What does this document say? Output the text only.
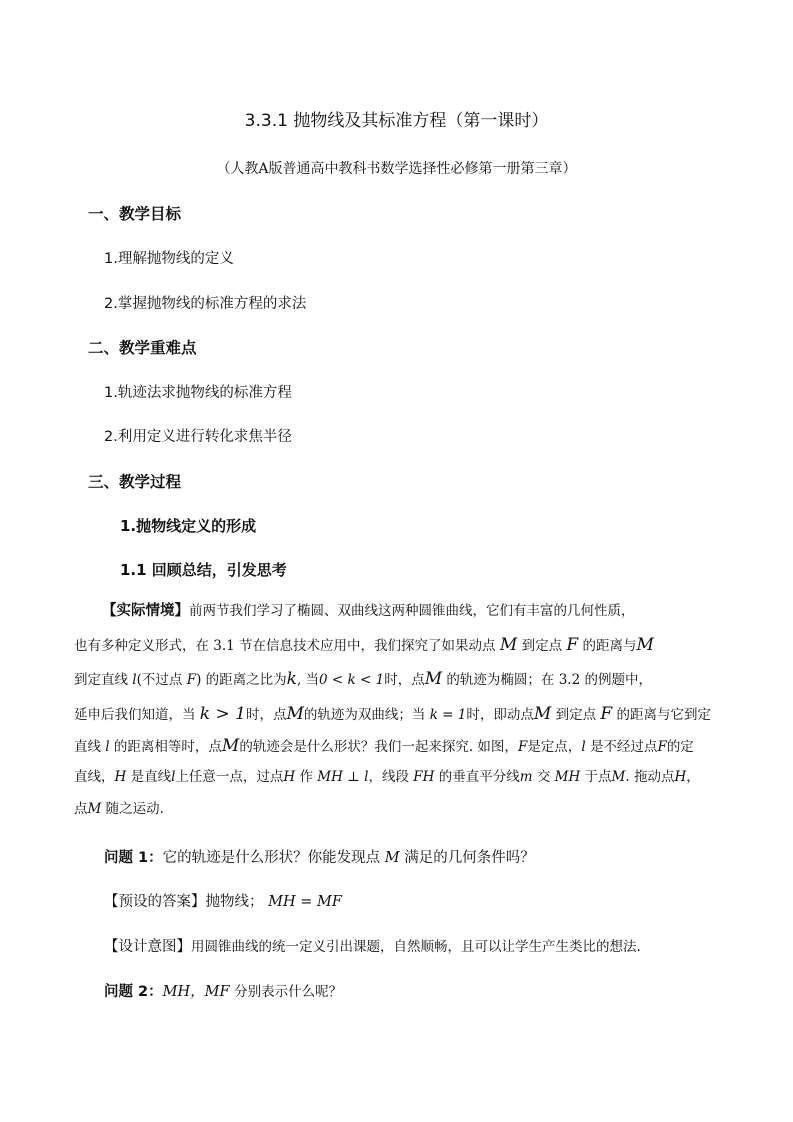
3.3.1 抛物线及其标准方程（第一课时）
（人教A版普通高中教科书数学选择性必修第一册第三章）
一、教学目标
1.理解抛物线的定义
2.掌握抛物线的标准方程的求法
二、教学重难点
1.轨迹法求抛物线的标准方程
2.利用定义进行转化求焦半径
三、教学过程
1.抛物线定义的形成
1.1 回顾总结，引发思考
【实际情境】前两节我们学习了椭圆、双曲线这两种圆锥曲线，它们有丰富的几何性质，
也有多种定义形式，在 3.1 节在信息技术应用中，我们探究了如果动点 M 到定点 F 的距离与M
到定直线 l(不过点 F) 的距离之比为k, 当0 < k < 1时，点M 的轨迹为椭圆；在 3.2 的例题中，
延申后我们知道，当 k > 1时，点M的轨迹为双曲线；当 k = 1时，即动点M 到定点 F 的距离与它到定
直线 l 的距离相等时，点M的轨迹会是什么形状？我们一起来探究. 如图，F是定点，l 是不经过点F的定
直线，H 是直线l上任意一点，过点H 作 MH ⊥ l，线段 FH 的垂直平分线m 交 MH 于点M. 拖动点H，
点M 随之运动.
问题 1：它的轨迹是什么形状？你能发现点 M 满足的几何条件吗？
【预设的答案】抛物线； MH = MF
【设计意图】用圆锥曲线的统一定义引出课题，自然顺畅，且可以让学生产生类比的想法.
问题 2：MH，MF 分别表示什么呢？
